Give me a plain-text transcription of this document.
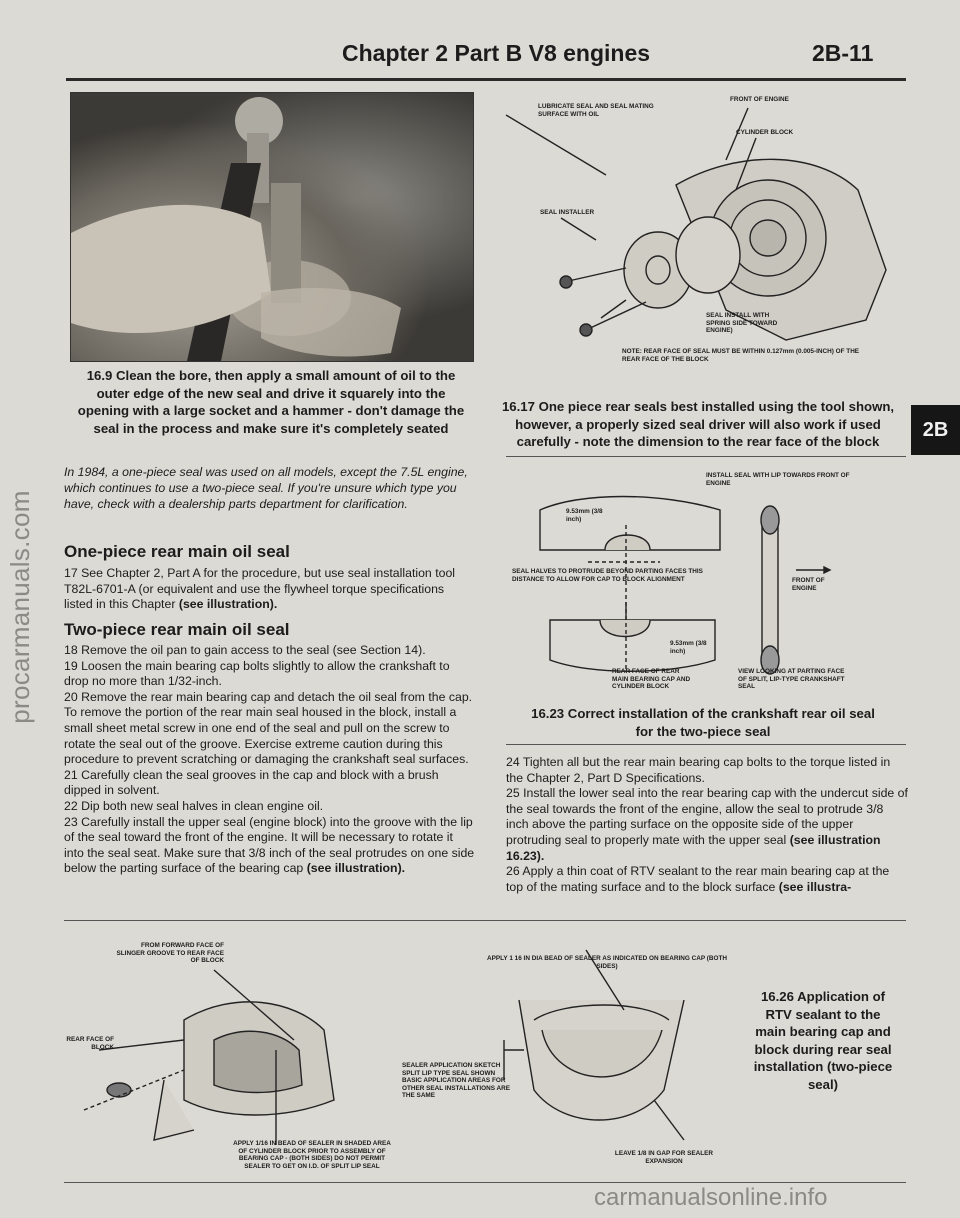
procarmanuals.com
Chapter 2 Part B V8 engines	2B-11
16.9 Clean the bore, then apply a small amount of oil to the outer edge of the new seal and drive it squarely into the opening with a large socket and a hammer - don't damage the seal in the process and make sure it's completely seated
LUBRICATE SEAL AND SEAL MATING SURFACE WITH OIL
FRONT OF ENGINE
CYLINDER BLOCK
SEAL INSTALLER
SEAL INSTALL WITH SPRING SIDE TOWARD ENGINE)
NOTE: REAR FACE OF SEAL MUST BE WITHIN 0.127mm (0.005-INCH) OF THE REAR FACE OF THE BLOCK
16.17 One piece rear seals best installed using the tool shown, however, a properly sized seal driver will also work if used carefully - note the dimension to the rear face of the block
2B
In 1984, a one-piece seal was used on all models, except the 7.5L engine, which continues to use a two-piece seal. If you're unsure which type you have, check with a dealership parts department for clarification.
One-piece rear main oil seal
17 See Chapter 2, Part A for the procedure, but use seal installation tool T82L-6701-A (or equivalent and use the flywheel torque specifications listed in this Chapter (see illustration).
Two-piece rear main oil seal

18 Remove the oil pan to gain access to the seal (see Section 14).

19 Loosen the main bearing cap bolts slightly to allow the crankshaft to drop no more than 1/32-inch.

20 Remove the rear main bearing cap and detach the oil seal from the cap. To remove the portion of the rear main seal housed in the block, install a small sheet metal screw in one end of the seal and pull on the screw to rotate the seal out of the groove. Exercise extreme caution during this procedure to prevent scratching or damaging the crankshaft seal surfaces.

21 Carefully clean the seal grooves in the cap and block with a brush dipped in solvent.

22 Dip both new seal halves in clean engine oil.

23 Carefully install the upper seal (engine block) into the groove with the lip of the seal toward the front of the engine. It will be necessary to rotate it into the seal seat. Make sure that 3/8 inch of the seal protrudes on one side below the parting surface of the bearing cap (see illustration).

INSTALL SEAL WITH LIP TOWARDS FRONT OF ENGINE
9.53mm (3/8 inch)
SEAL HALVES TO PROTRUDE BEYOND PARTING FACES THIS DISTANCE TO ALLOW FOR CAP TO BLOCK ALIGNMENT	FRONT OF ENGINE
9.53mm (3/8 inch)
REAR FACE OF REAR MAIN BEARING CAP AND CYLINDER BLOCK
VIEW LOOKING AT PARTING FACE OF SPLIT, LIP-TYPE CRANKSHAFT SEAL
16.23 Correct installation of the crankshaft rear oil seal for the two-piece seal

24 Tighten all but the rear main bearing cap bolts to the torque listed in the Chapter 2, Part D Specifications.

25 Install the lower seal into the rear bearing cap with the undercut side of the seal towards the front of the engine, allow the seal to protrude 3/8 inch above the parting surface on the opposite side of the upper protruding seal to properly mate with the upper seal (see illustration 16.23).

26 Apply a thin coat of RTV sealant to the rear main bearing cap at the top of the mating surface and to the block surface (see illustra-

FROM FORWARD FACE OF SLINGER GROOVE TO REAR FACE OF BLOCK
REAR FACE OF BLOCK
SEALER APPLICATION SKETCH SPLIT LIP TYPE SEAL SHOWN BASIC APPLICATION AREAS FOR OTHER SEAL INSTALLATIONS ARE THE SAME
APPLY 1/16 IN BEAD OF SEALER IN SHADED AREA OF CYLINDER BLOCK PRIOR TO ASSEMBLY OF BEARING CAP - (BOTH SIDES) DO NOT PERMIT SEALER TO GET ON I.D. OF SPLIT LIP SEAL
APPLY 1 16 IN DIA BEAD OF SEALER AS INDICATED ON BEARING CAP (BOTH SIDES)
LEAVE 1/8 IN GAP FOR SEALER EXPANSION
16.26 Application of RTV sealant to the main bearing cap and block during rear seal installation (two-piece seal)
carmanualsonline.info
